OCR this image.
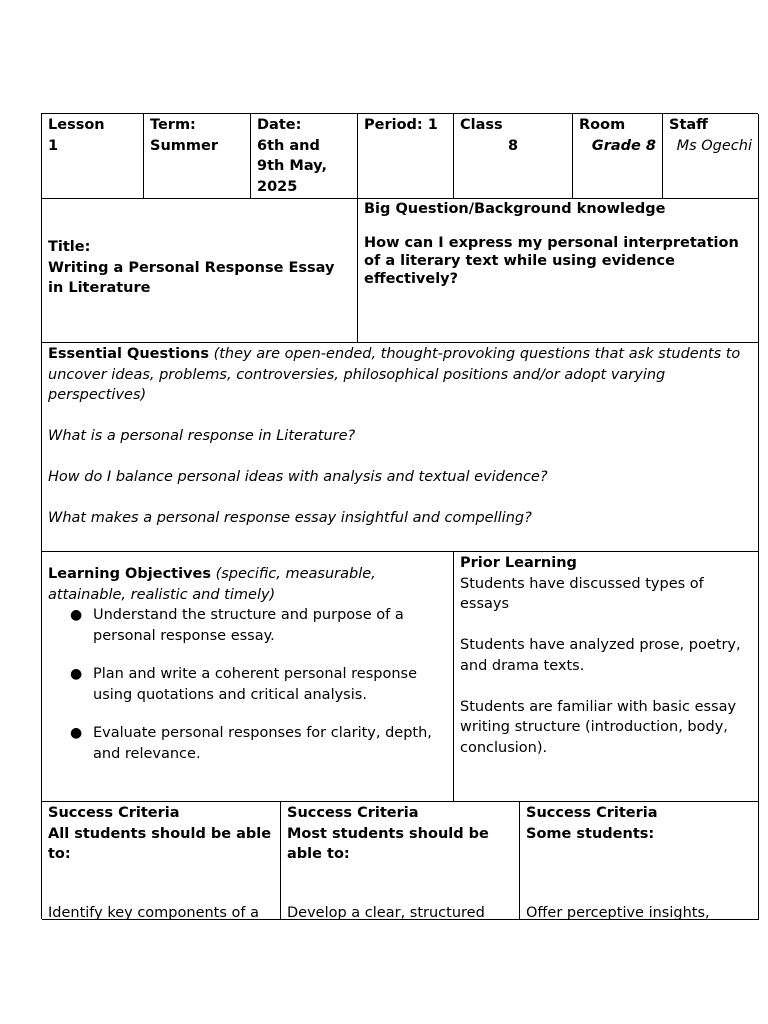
Lesson

1

Term:

Summer

Date:

6th and

9th May,

2025

Period: 1	Class

8

Room

Grade 8

Staff

Ms Ogechi

Title:

Writing a Personal Response Essay in Literature

Big Question/Background knowledge

How can I express my personal interpretation of a literary text while using evidence effectively?

Essential Questions (they are open-ended, thought-provoking questions that ask students to uncover ideas, problems, controversies, philosophical positions and/or adopt varying perspectives)

What is a personal response in Literature?

How do I balance personal ideas with analysis and textual evidence?

What makes a personal response essay insightful and compelling?

Learning Objectives (specific, measurable, attainable, realistic and timely)

● Understand the structure and purpose of a personal response essay.
● Plan and write a coherent personal response using quotations and critical analysis.
● Evaluate personal responses for clarity, depth, and relevance.

Prior Learning

Students have discussed types of essays

Students have analyzed prose, poetry, and drama texts.

Students are familiar with basic essay writing structure (introduction, body, conclusion).

Success Criteria

All students should be able to:

Identify key components of a

Success Criteria

Most students should be able to:

Develop a clear, structured

Success Criteria

Some students:

Offer perceptive insights,
